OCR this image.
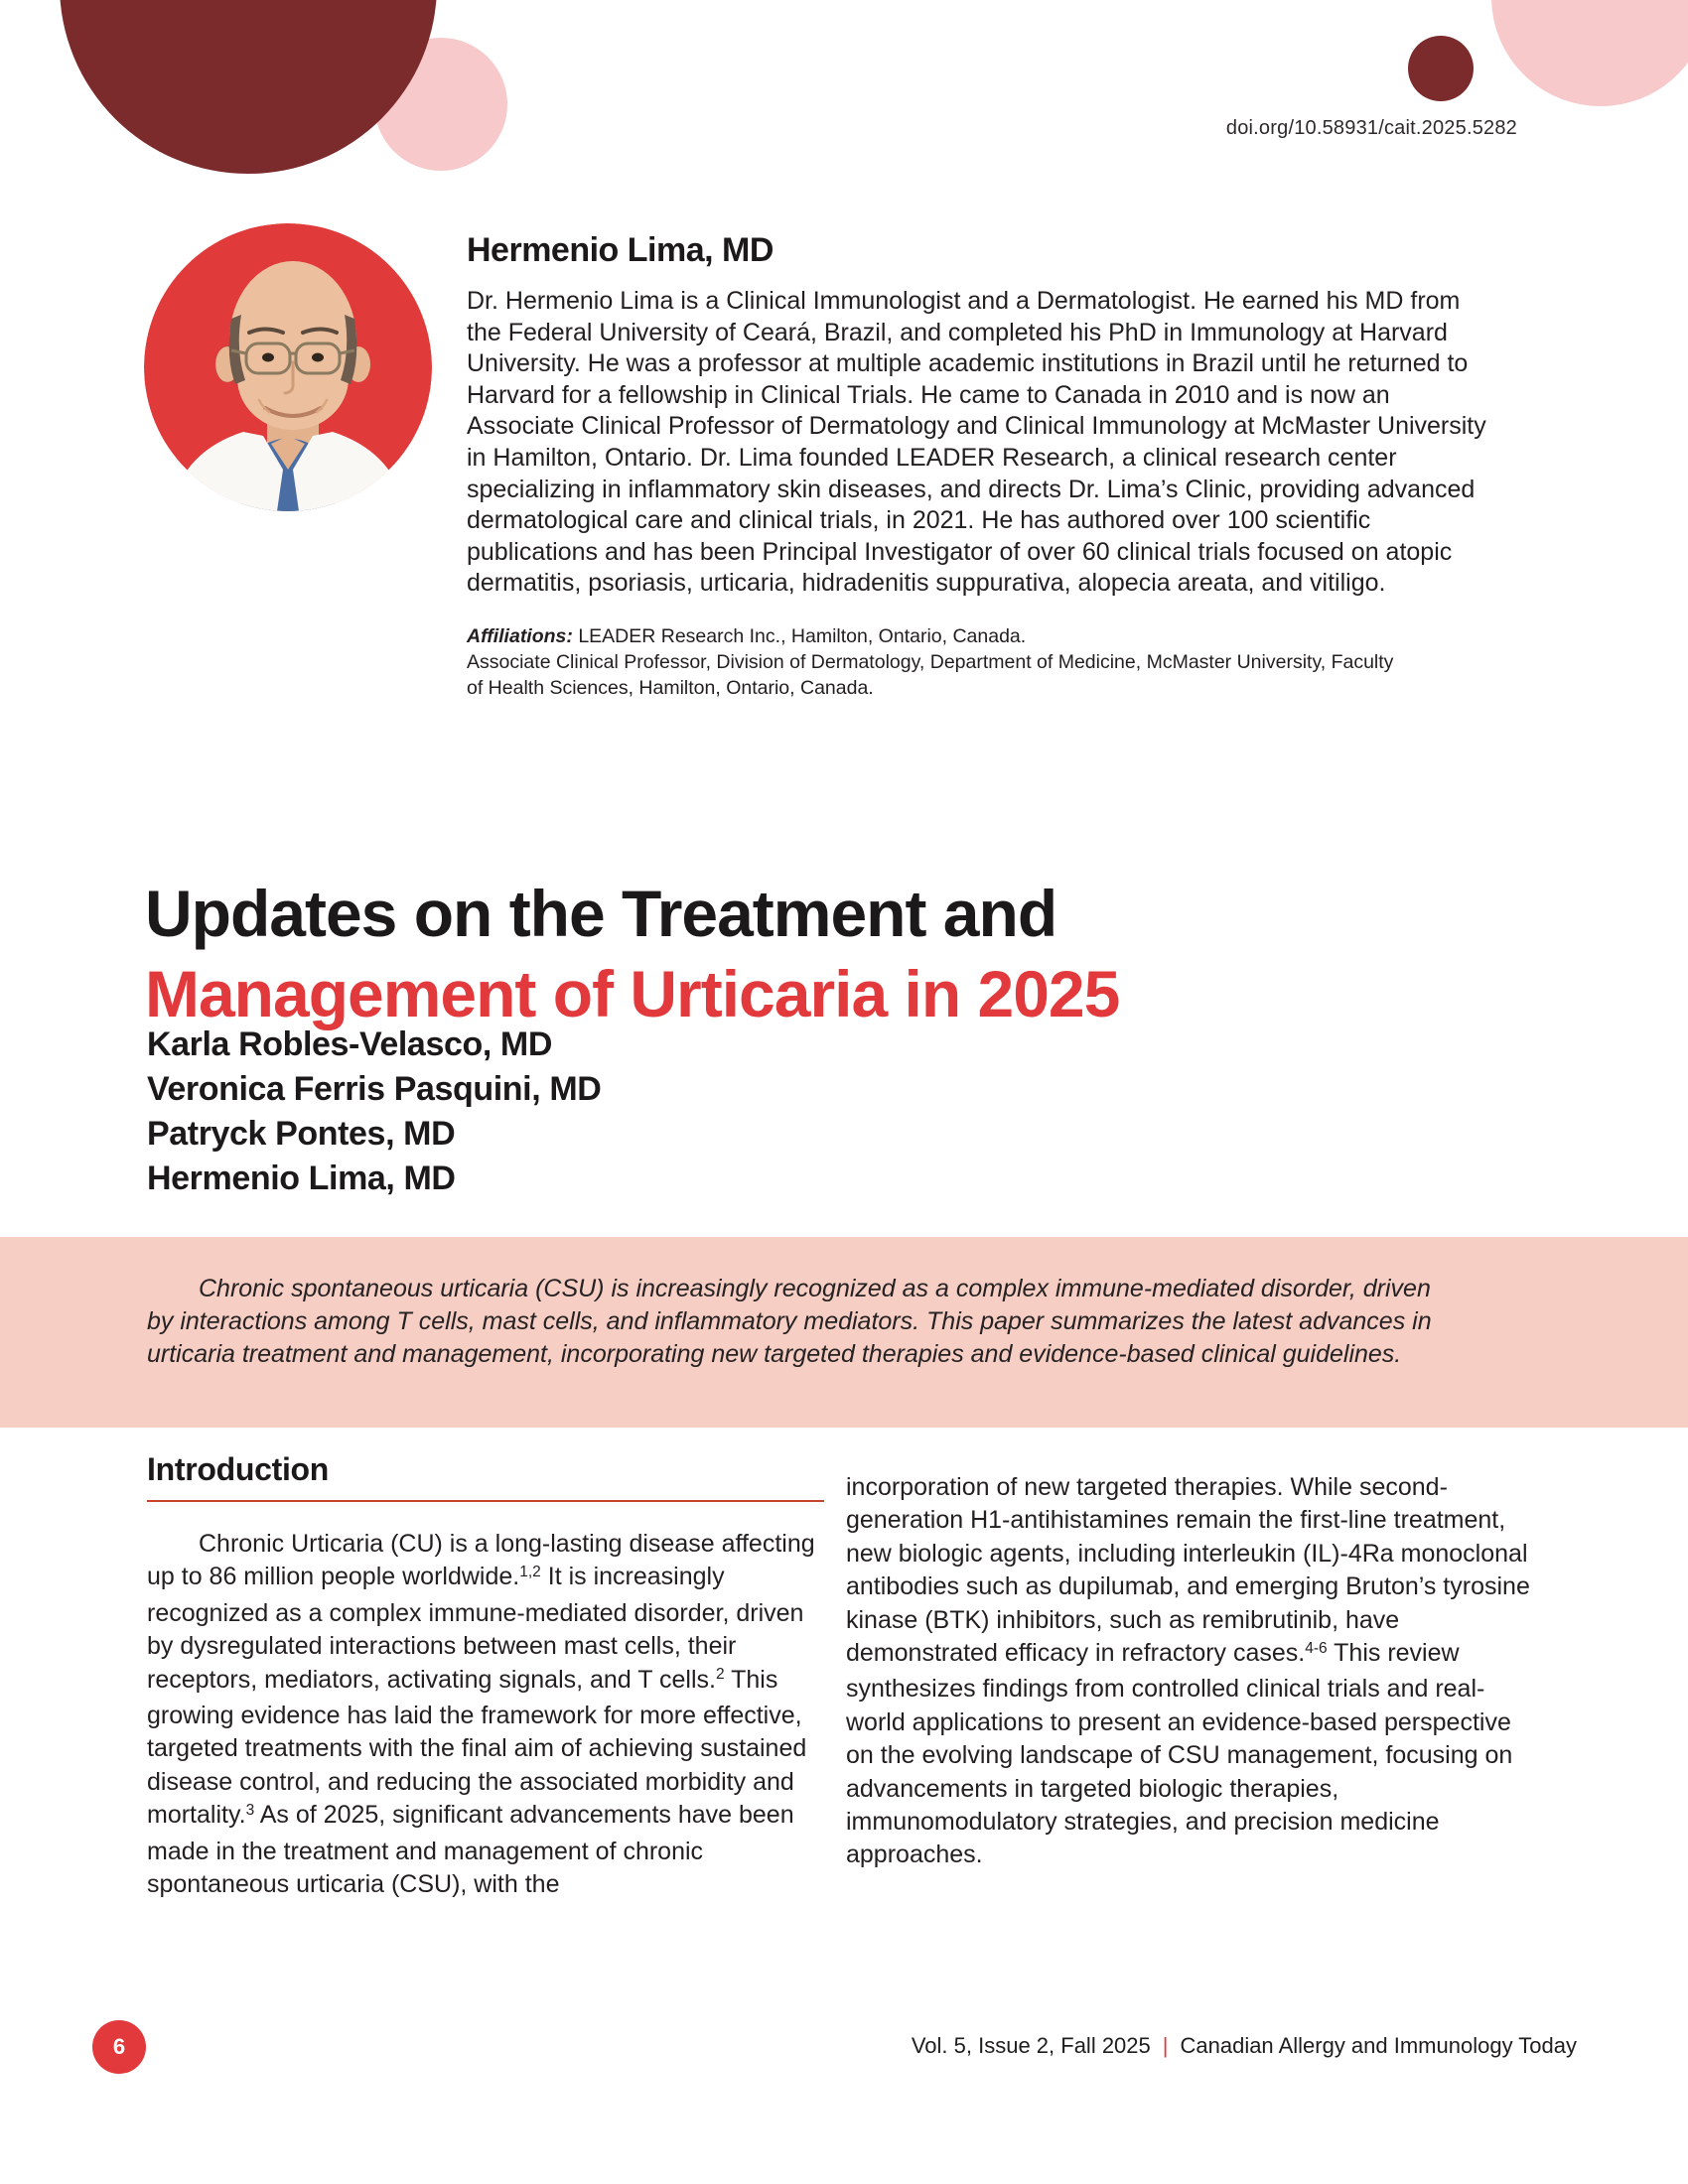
doi.org/10.58931/cait.2025.5282
Hermenio Lima, MD

Dr. Hermenio Lima is a Clinical Immunologist and a Dermatologist. He earned his MD from the Federal University of Ceará, Brazil, and completed his PhD in Immunology at Harvard University. He was a professor at multiple academic institutions in Brazil until he returned to Harvard for a fellowship in Clinical Trials. He came to Canada in 2010 and is now an Associate Clinical Professor of Dermatology and Clinical Immunology at McMaster University in Hamilton, Ontario. Dr. Lima founded LEADER Research, a clinical research center specializing in inflammatory skin diseases, and directs Dr. Lima’s Clinic, providing advanced dermatological care and clinical trials, in 2021. He has authored over 100 scientific publications and has been Principal Investigator of over 60 clinical trials focused on atopic dermatitis, psoriasis, urticaria, hidradenitis suppurativa, alopecia areata, and vitiligo.

Affiliations: LEADER Research Inc., Hamilton, Ontario, Canada.

Associate Clinical Professor, Division of Dermatology, Department of Medicine, McMaster University, Faculty of Health Sciences, Hamilton, Ontario, Canada.

Updates on the Treatment and
Management of Urticaria in 2025
Karla Robles-Velasco, MD
Veronica Ferris Pasquini, MD
Patryck Pontes, MD
Hermenio Lima, MD

Chronic spontaneous urticaria (CSU) is increasingly recognized as a complex immune-mediated disorder, driven by interactions among T cells, mast cells, and inflammatory mediators. This paper summarizes the latest advances in urticaria treatment and management, incorporating new targeted therapies and evidence-based clinical guidelines.

Introduction

Chronic Urticaria (CU) is a long-lasting disease affecting up to 86 million people worldwide.$^{1,2}$ It is increasingly recognized as a complex immune-mediated disorder, driven by dysregulated interactions between mast cells, their receptors, mediators, activating signals, and T cells.$^2$ This growing evidence has laid the framework for more effective, targeted treatments with the final aim of achieving sustained disease control, and reducing the associated morbidity and mortality.$^3$ As of 2025, significant advancements have been made in the treatment and management of chronic spontaneous urticaria (CSU), with the

incorporation of new targeted therapies. While second-generation H1-antihistamines remain the first-line treatment, new biologic agents, including interleukin (IL)-4Ra monoclonal antibodies such as dupilumab, and emerging Bruton’s tyrosine kinase (BTK) inhibitors, such as remibrutinib, have demonstrated efficacy in refractory cases.$^{4-6}$ This review synthesizes findings from controlled clinical trials and real-world applications to present an evidence-based perspective on the evolving landscape of CSU management, focusing on advancements in targeted biologic therapies, immunomodulatory strategies, and precision medicine approaches.

6	Vol. 5, Issue 2, Fall 2025 | Canadian Allergy and Immunology Today
